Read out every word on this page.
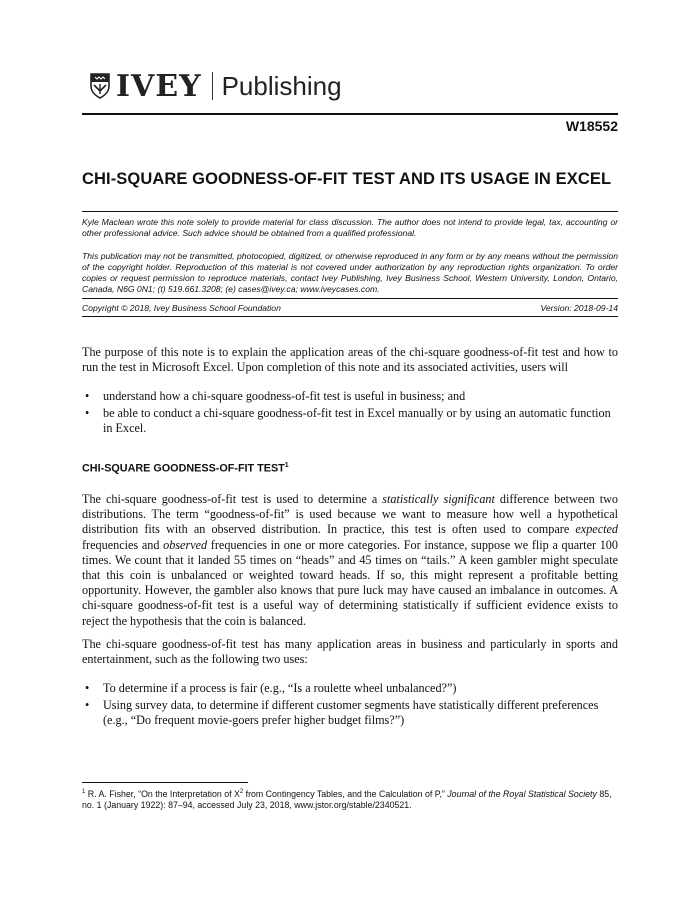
IVEY Publishing
W18552
CHI-SQUARE GOODNESS-OF-FIT TEST AND ITS USAGE IN EXCEL
Kyle Maclean wrote this note solely to provide material for class discussion. The author does not intend to provide legal, tax, accounting or other professional advice. Such advice should be obtained from a qualified professional.
This publication may not be transmitted, photocopied, digitized, or otherwise reproduced in any form or by any means without the permission of the copyright holder. Reproduction of this material is not covered under authorization by any reproduction rights organization. To order copies or request permission to reproduce materials, contact Ivey Publishing, Ivey Business School, Western University, London, Ontario, Canada, N6G 0N1; (t) 519.661.3208; (e) cases@ivey.ca; www.iveycases.com.
Copyright © 2018, Ivey Business School Foundation	Version: 2018-09-14
The purpose of this note is to explain the application areas of the chi-square goodness-of-fit test and how to run the test in Microsoft Excel. Upon completion of this note and its associated activities, users will
• understand how a chi-square goodness-of-fit test is useful in business; and
• be able to conduct a chi-square goodness-of-fit test in Excel manually or by using an automatic function in Excel.
CHI-SQUARE GOODNESS-OF-FIT TEST$^1$
The chi-square goodness-of-fit test is used to determine a statistically significant difference between two distributions. The term “goodness-of-fit” is used because we want to measure how well a hypothetical distribution fits with an observed distribution. In practice, this test is often used to compare expected frequencies and observed frequencies in one or more categories. For instance, suppose we flip a quarter 100 times. We count that it landed 55 times on “heads” and 45 times on “tails.” A keen gambler might speculate that this coin is unbalanced or weighted toward heads. If so, this might represent a profitable betting opportunity. However, the gambler also knows that pure luck may have caused an imbalance in outcomes. A chi-square goodness-of-fit test is a useful way of determining statistically if sufficient evidence exists to reject the hypothesis that the coin is balanced.
The chi-square goodness-of-fit test has many application areas in business and particularly in sports and entertainment, such as the following two uses:
• To determine if a process is fair (e.g., “Is a roulette wheel unbalanced?”)
• Using survey data, to determine if different customer segments have statistically different preferences (e.g., “Do frequent movie-goers prefer higher budget films?”)
$^1$ R. A. Fisher, “On the Interpretation of $X^2$ from Contingency Tables, and the Calculation of P,” Journal of the Royal Statistical Society 85, no. 1 (January 1922): 87–94, accessed July 23, 2018, www.jstor.org/stable/2340521.
